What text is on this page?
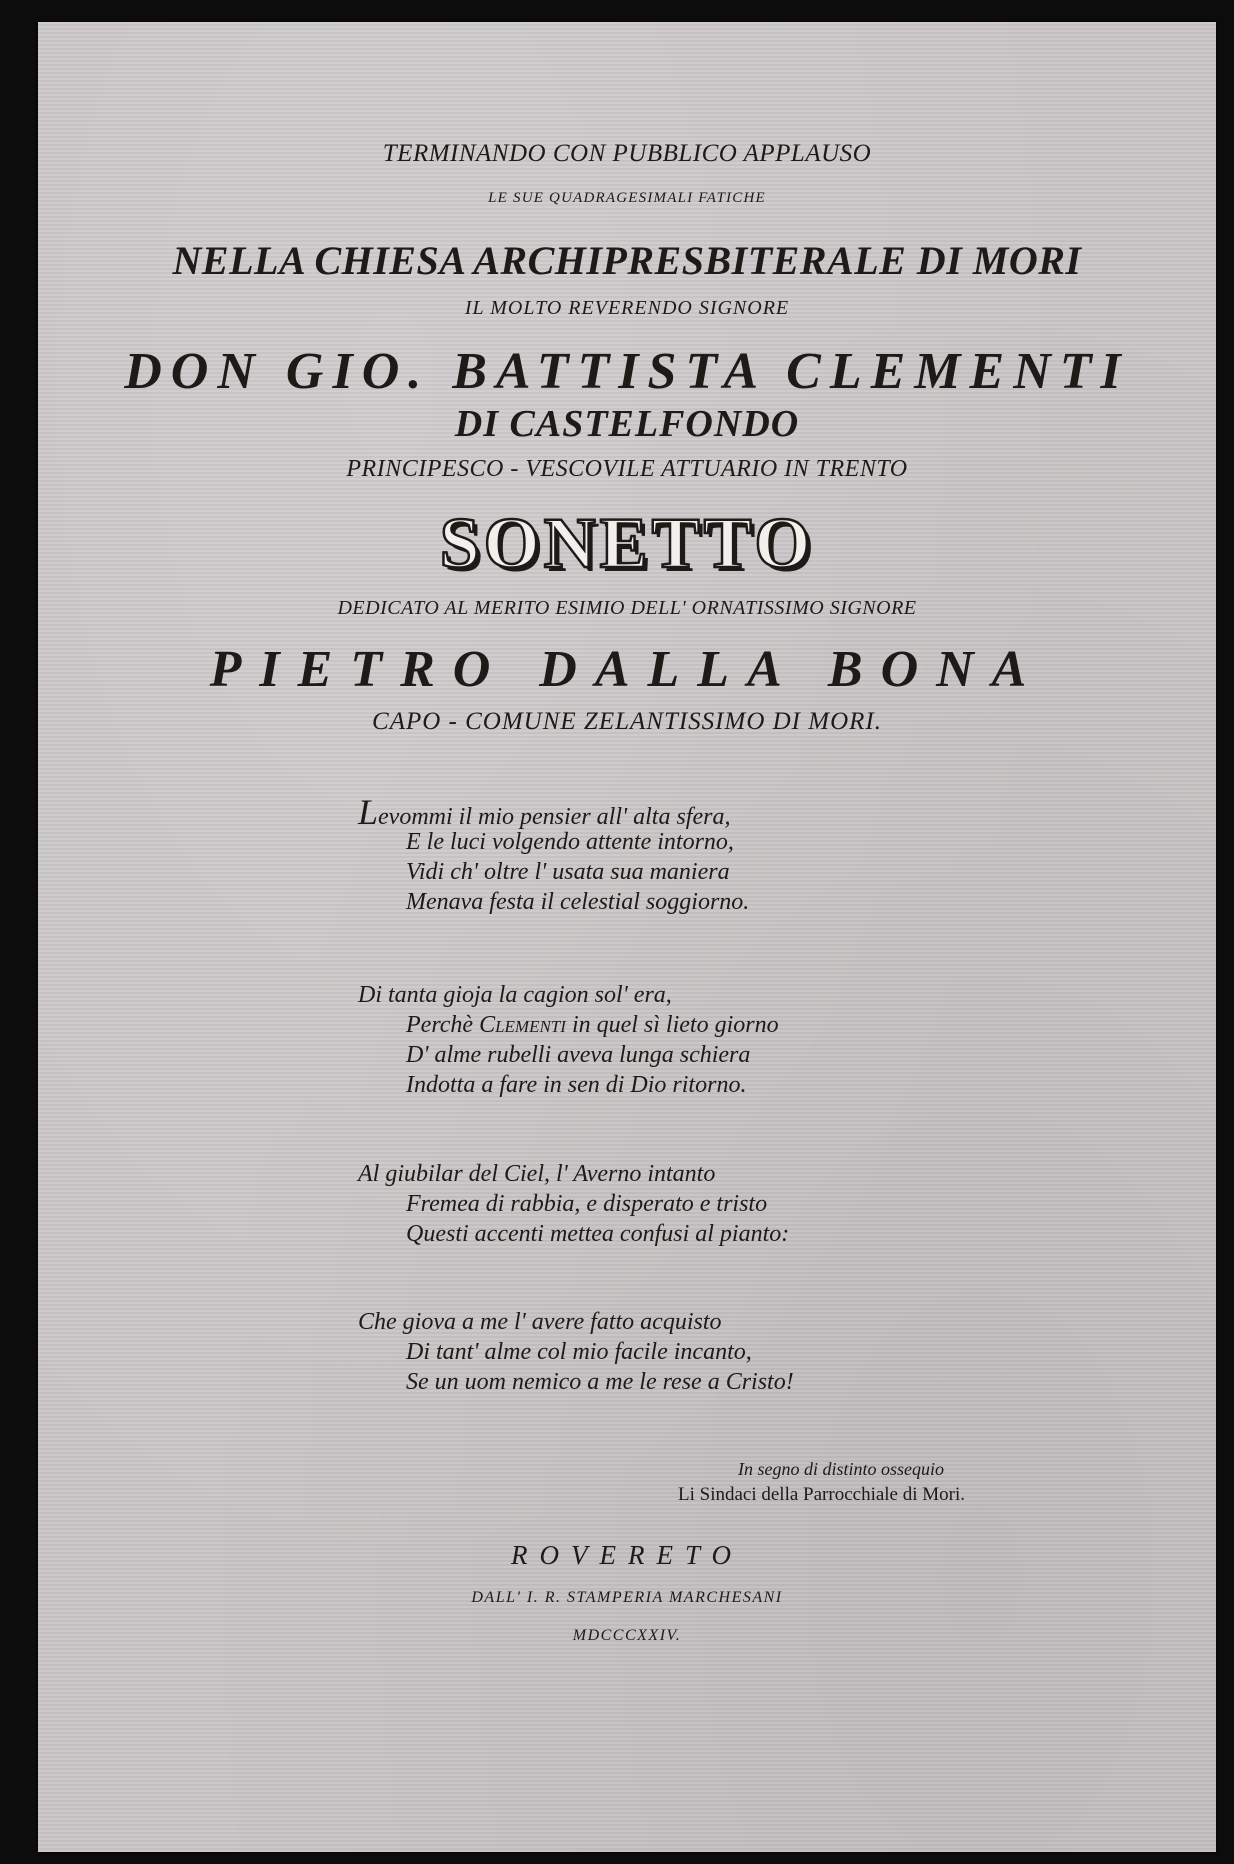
TERMINANDO CON PUBBLICO APPLAUSO
LE SUE QUADRAGESIMALI FATICHE
NELLA CHIESA ARCHIPRESBITERALE DI MORI
IL MOLTO REVERENDO SIGNORE
DON GIO. BATTISTA CLEMENTI
DI CASTELFONDO
PRINCIPESCO - VESCOVILE ATTUARIO IN TRENTO
SONETTO
DEDICATO AL MERITO ESIMIO DELL' ORNATISSIMO SIGNORE
PIETRO DALLA BONA
CAPO - COMUNE ZELANTISSIMO DI MORI.
Levommi il mio pensier all' alta sfera,
E le luci volgendo attente intorno,
Vidi ch' oltre l' usata sua maniera
Menava festa il celestial soggiorno.
Di tanta gioja la cagion sol' era,
Perchè Clementi in quel sì lieto giorno
D' alme rubelli aveva lunga schiera
Indotta a fare in sen di Dio ritorno.
Al giubilar del Ciel, l' Averno intanto
Fremea di rabbia, e disperato e tristo
Questi accenti mettea confusi al pianto:
Che giova a me l' avere fatto acquisto
Di tant' alme col mio facile incanto,
Se un uom nemico a me le rese a Cristo!
In segno di distinto ossequio
Li Sindaci della Parrocchiale di Mori.
ROVERETO
DALL' I. R. STAMPERIA MARCHESANI
MDCCCXXIV.
